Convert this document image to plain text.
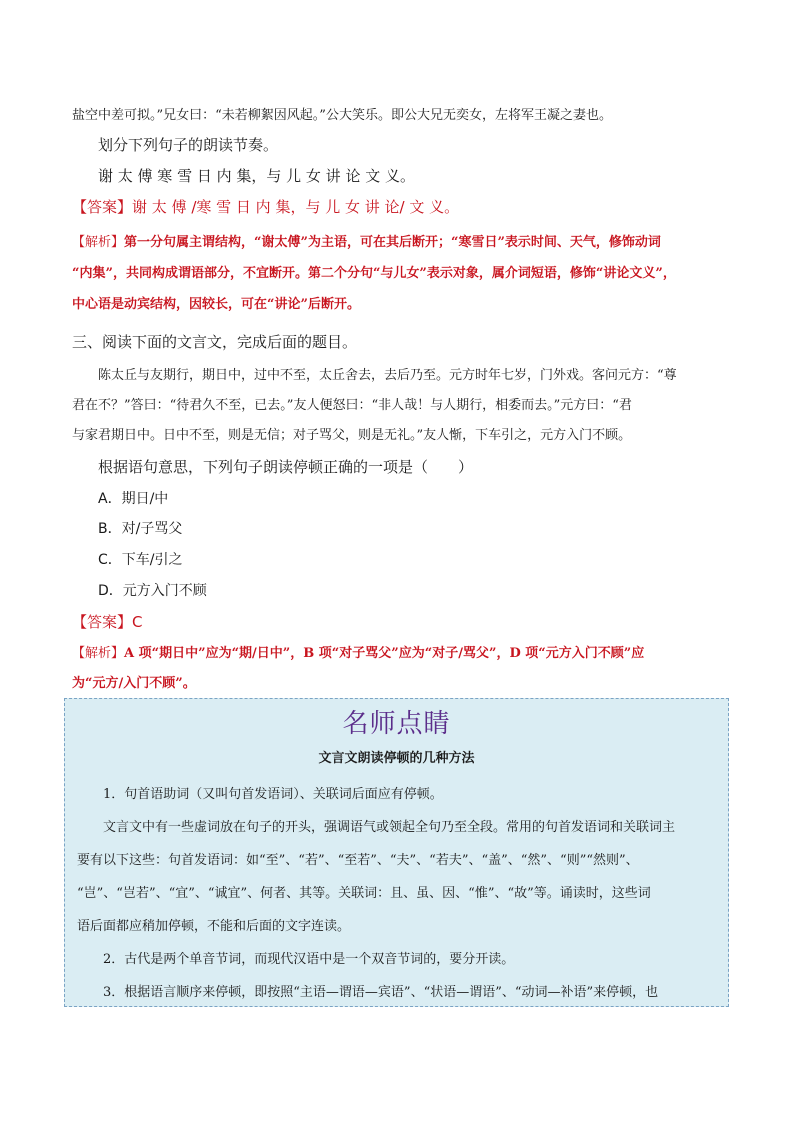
盐空中差可拟。”兄女曰：“未若柳絮因风起。”公大笑乐。即公大兄无奕女，左将军王凝之妻也。
划分下列句子的朗读节奏。
谢 太 傅 寒 雪 日 内 集，与 儿 女 讲 论 文 义。
【答案】谢 太 傅 /寒 雪 日 内 集，与 儿 女 讲 论/ 文 义。
【解析】第一分句属主谓结构，“谢太傅”为主语，可在其后断开；“寒雪日”表示时间、天气，修饰动词
“内集”，共同构成谓语部分，不宜断开。第二个分句“与儿女”表示对象，属介词短语，修饰“讲论文义”，
中心语是动宾结构，因较长，可在“讲论”后断开。
三、阅读下面的文言文，完成后面的题目。
陈太丘与友期行，期日中，过中不至，太丘舍去，去后乃至。元方时年七岁，门外戏。客问元方：“尊
君在不？”答曰：“待君久不至，已去。”友人便怒曰：“非人哉！与人期行，相委而去。”元方曰：“君
与家君期日中。日中不至，则是无信；对子骂父，则是无礼。”友人惭，下车引之，元方入门不顾。
根据语句意思，下列句子朗读停顿正确的一项是（　　）
A．期日/中
B．对/子骂父
C．下车/引之
D．元方入门不顾
【答案】C
【解析】A 项“期日中”应为“期/日中”，B 项“对子骂父”应为“对子/骂父”，D 项“元方入门不顾”应
为“元方/入门不顾”。
名师点睛
文言文朗读停顿的几种方法
1．句首语助词（又叫句首发语词）、关联词后面应有停顿。
文言文中有一些虚词放在句子的开头，强调语气或领起全句乃至全段。常用的句首发语词和关联词主
要有以下这些：句首发语词：如“至”、“若”、“至若”、“夫”、“若夫”、“盖”、“然”、“则”“然则”、
“岂”、“岂若”、“宜”、“诚宜”、何者、其等。关联词：且、虽、因、“惟”、“故”等。诵读时，这些词
语后面都应稍加停顿，不能和后面的文字连读。
2．古代是两个单音节词，而现代汉语中是一个双音节词的，要分开读。
3．根据语言顺序来停顿，即按照“主语—谓语—宾语”、“状语—谓语”、“动词—补语”来停顿，也
